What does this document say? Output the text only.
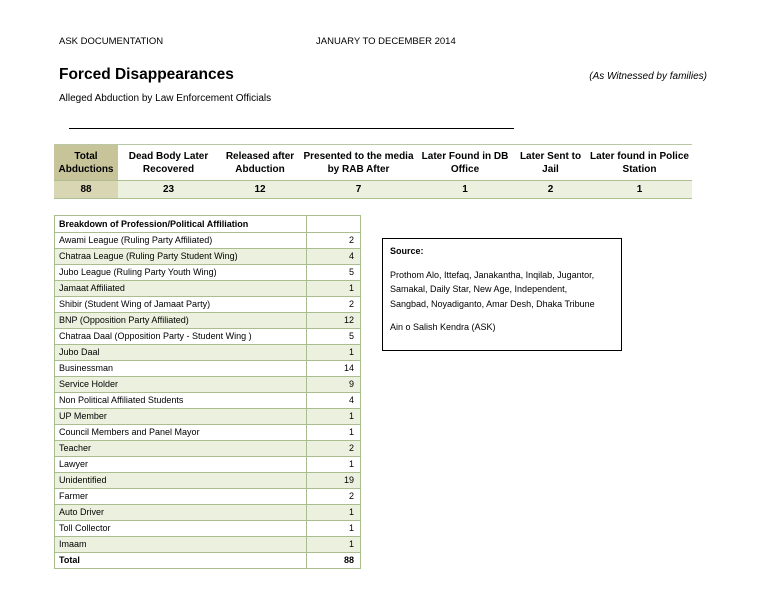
ASK DOCUMENTATION	JANUARY TO DECEMBER 2014
Forced Disappearances	(As Witnessed by families)
Alleged Abduction by Law Enforcement Officials
Total Abductions	Dead Body Later Recovered	Released after Abduction	Presented to the media by RAB After	Later Found in DB Office	Later Sent to Jail	Later found in Police Station
88	23	12	7	1	2	1
Breakdown of Profession/Political Affiliation	
Awami League (Ruling Party Affiliated)	2
Chatraa League (Ruling Party Student Wing)	4
Jubo League (Ruling Party Youth Wing)	5
Jamaat Affiliated	1
Shibir (Student Wing of Jamaat Party)	2
BNP (Opposition Party Affiliated)	12
Chatraa Daal (Opposition Party - Student Wing )	5
Jubo Daal	1
Businessman	14
Service Holder	9
Non Political Affiliated Students	4
UP Member	1
Council Members and Panel Mayor	1
Teacher	2
Lawyer	1
Unidentified	19
Farmer	2
Auto Driver	1
Toll Collector	1
Imaam	1
Total	88
Source:
Prothom Alo, Ittefaq, Janakantha, Inqilab, Jugantor,
Samakal, Daily Star, New Age, Independent,
Sangbad, Noyadiganto, Amar Desh, Dhaka Tribune
Ain o Salish Kendra (ASK)
